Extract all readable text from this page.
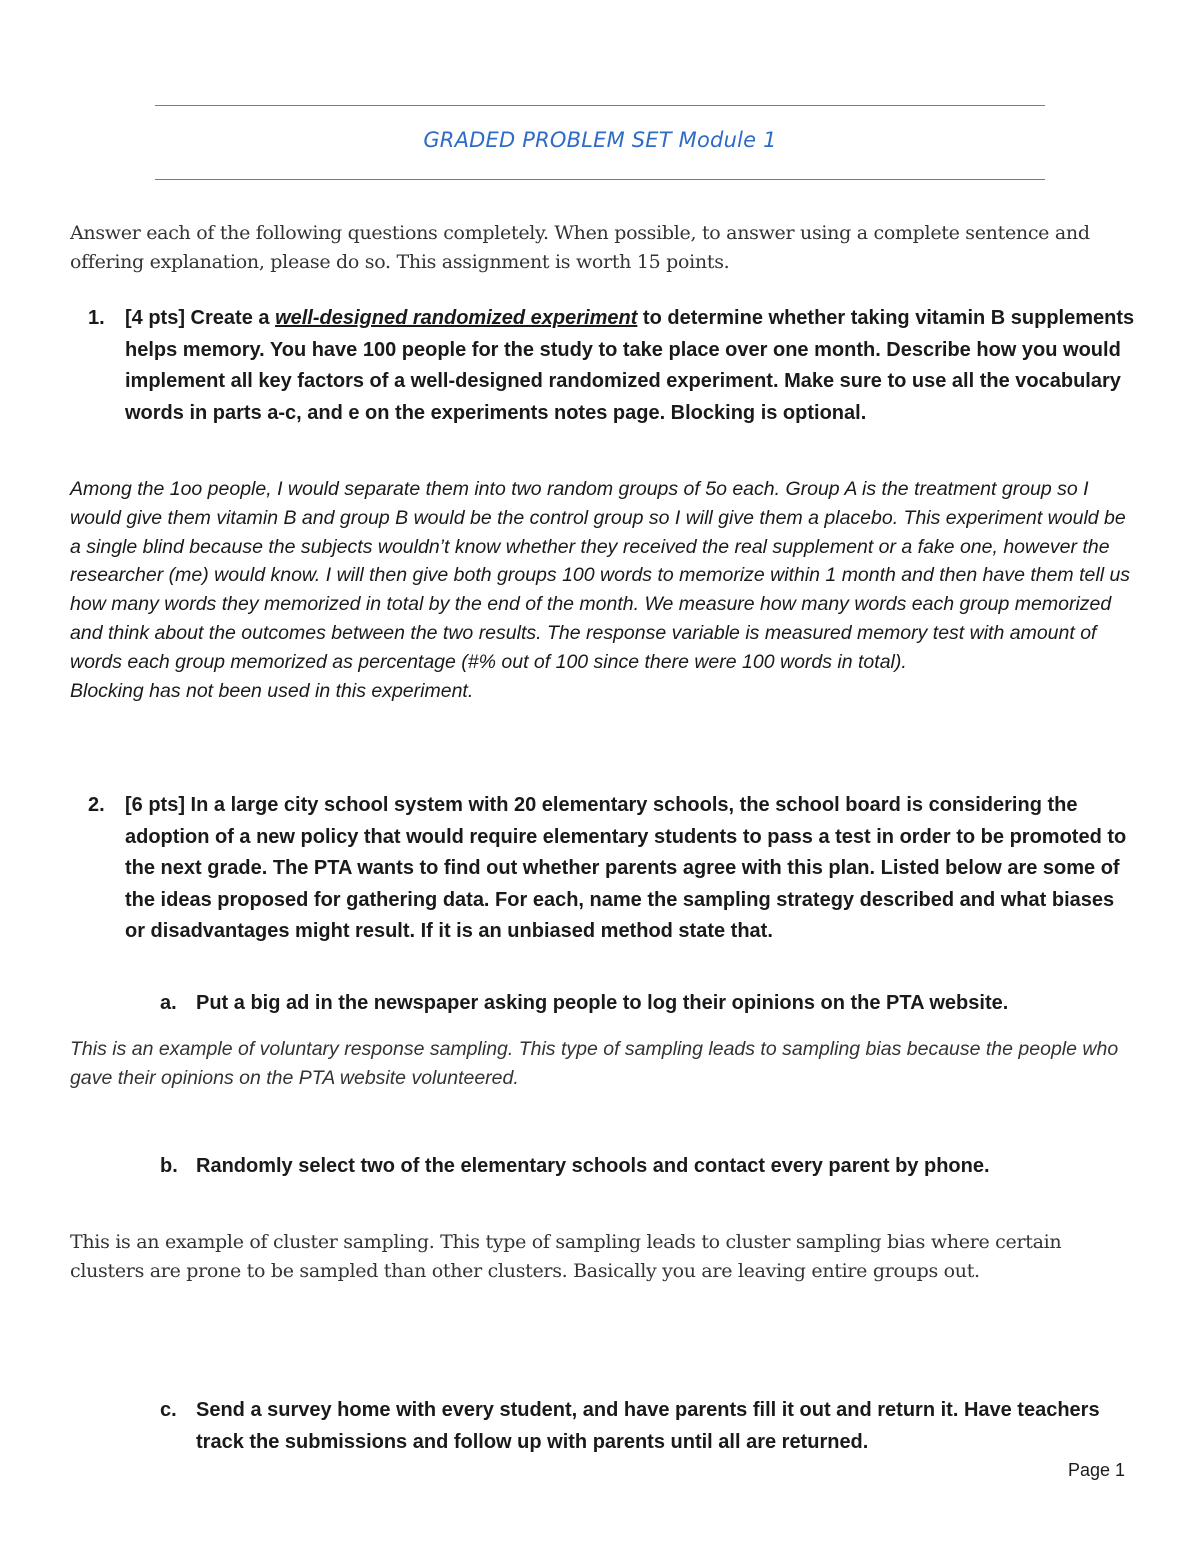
GRADED PROBLEM SET Module 1
Answer each of the following questions completely. When possible, to answer using a complete sentence and offering explanation, please do so. This assignment is worth 15 points.
1. [4 pts] Create a well-designed randomized experiment to determine whether taking vitamin B supplements helps memory. You have 100 people for the study to take place over one month. Describe how you would implement all key factors of a well-designed randomized experiment. Make sure to use all the vocabulary words in parts a-c, and e on the experiments notes page. Blocking is optional.

Among the 1oo people, I would separate them into two random groups of 5o each. Group A is the treatment group so I would give them vitamin B and group B would be the control group so I will give them a placebo. This experiment would be a single blind because the subjects wouldn’t know whether they received the real supplement or a fake one, however the researcher (me) would know. I will then give both groups 100 words to memorize within 1 month and then have them tell us how many words they memorized in total by the end of the month. We measure how many words each group memorized and think about the outcomes between the two results. The response variable is measured memory test with amount of words each group memorized as percentage (#% out of 100 since there were 100 words in total).

Blocking has not been used in this experiment.

2. [6 pts] In a large city school system with 20 elementary schools, the school board is considering the adoption of a new policy that would require elementary students to pass a test in order to be promoted to the next grade. The PTA wants to find out whether parents agree with this plan. Listed below are some of the ideas proposed for gathering data. For each, name the sampling strategy described and what biases or disadvantages might result. If it is an unbiased method state that.
a. Put a big ad in the newspaper asking people to log their opinions on the PTA website.
This is an example of voluntary response sampling. This type of sampling leads to sampling bias because the people who gave their opinions on the PTA website volunteered.
b. Randomly select two of the elementary schools and contact every parent by phone.
This is an example of cluster sampling. This type of sampling leads to cluster sampling bias where certain clusters are prone to be sampled than other clusters. Basically you are leaving entire groups out.
c. Send a survey home with every student, and have parents fill it out and return it. Have teachers track the submissions and follow up with parents until all are returned.
Page 1
